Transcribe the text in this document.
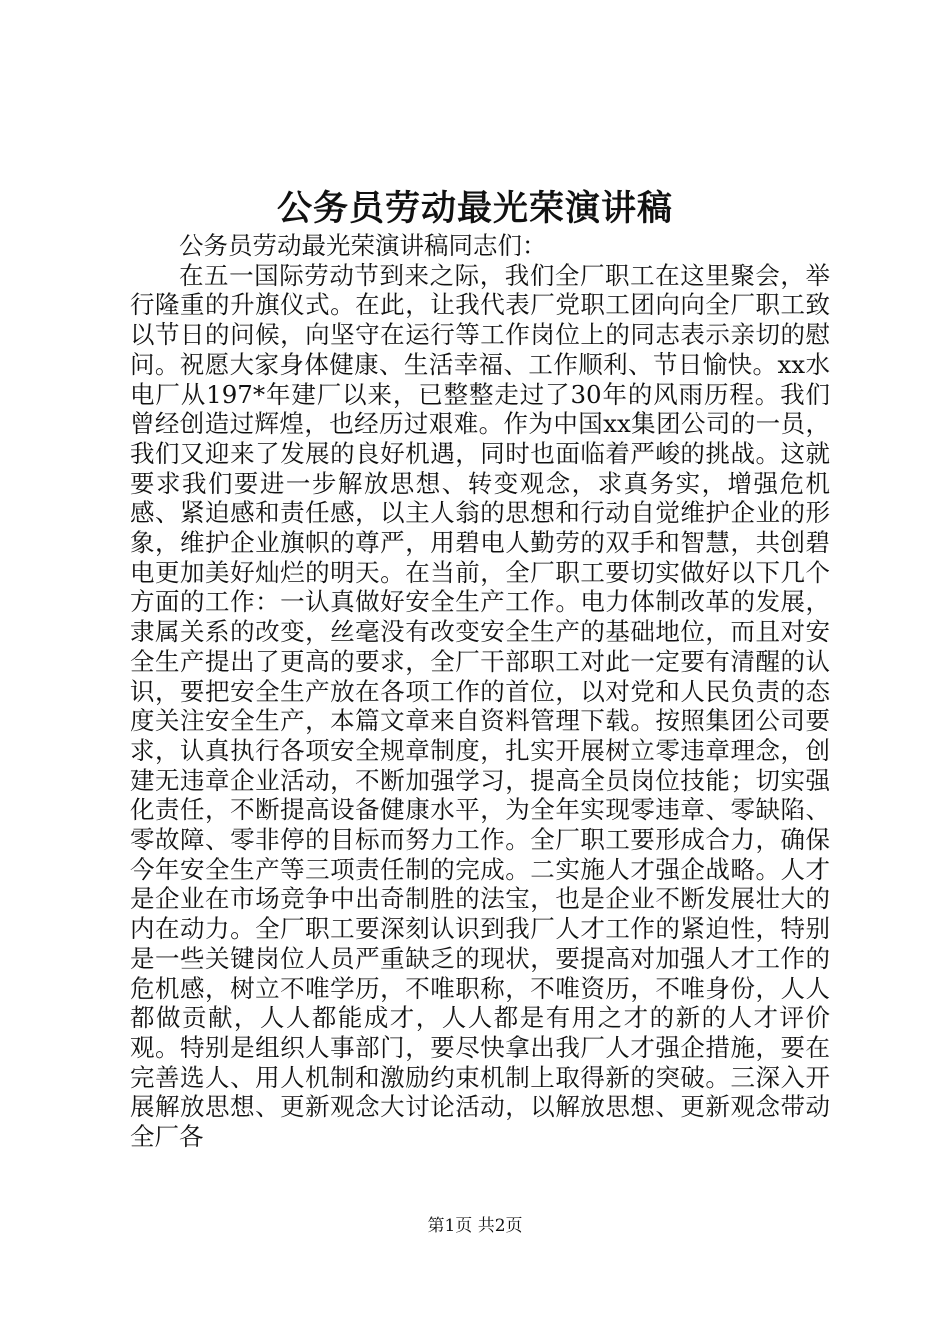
公务员劳动最光荣演讲稿

公务员劳动最光荣演讲稿同志们：

在五一国际劳动节到来之际，我们全厂职工在这里聚会，举行隆重的升旗仪式。在此，让我代表厂党职工团向向全厂职工致以节日的问候，向坚守在运行等工作岗位上的同志表示亲切的慰问。祝愿大家身体健康、生活幸福、工作顺利、节日愉快。xx水电厂从197*年建厂以来，已整整走过了30年的风雨历程。我们曾经创造过辉煌，也经历过艰难。作为中国xx集团公司的一员，我们又迎来了发展的良好机遇，同时也面临着严峻的挑战。这就要求我们要进一步解放思想、转变观念，求真务实，增强危机感、紧迫感和责任感，以主人翁的思想和行动自觉维护企业的形象，维护企业旗帜的尊严，用碧电人勤劳的双手和智慧，共创碧电更加美好灿烂的明天。在当前，全厂职工要切实做好以下几个方面的工作：一认真做好安全生产工作。电力体制改革的发展，隶属关系的改变，丝毫没有改变安全生产的基础地位，而且对安全生产提出了更高的要求，全厂干部职工对此一定要有清醒的认识，要把安全生产放在各项工作的首位，以对党和人民负责的态度关注安全生产，本篇文章来自资料管理下载。按照集团公司要求，认真执行各项安全规章制度，扎实开展树立零违章理念，创建无违章企业活动，不断加强学习，提高全员岗位技能；切实强化责任，不断提高设备健康水平，为全年实现零违章、零缺陷、零故障、零非停的目标而努力工作。全厂职工要形成合力，确保今年安全生产等三项责任制的完成。二实施人才强企战略。人才是企业在市场竞争中出奇制胜的法宝，也是企业不断发展壮大的内在动力。全厂职工要深刻认识到我厂人才工作的紧迫性，特别是一些关键岗位人员严重缺乏的现状，要提高对加强人才工作的危机感，树立不唯学历，不唯职称，不唯资历，不唯身份，人人都做贡献，人人都能成才，人人都是有用之才的新的人才评价观。特别是组织人事部门，要尽快拿出我厂人才强企措施，要在完善选人、用人机制和激励约束机制上取得新的突破。三深入开展解放思想、更新观念大讨论活动，以解放思想、更新观念带动全厂各

第1页 共2页
